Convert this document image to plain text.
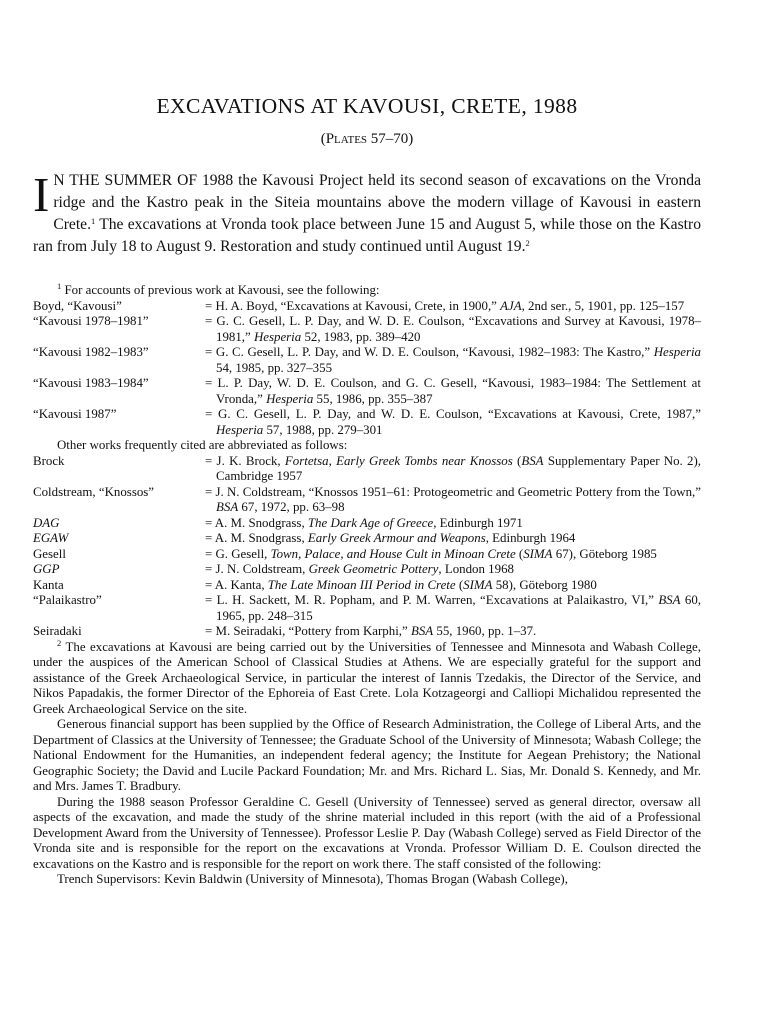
EXCAVATIONS AT KAVOUSI, CRETE, 1988
(Plates 57–70)
I N THE SUMMER OF 1988 the Kavousi Project held its second season of excavations on the Vronda ridge and the Kastro peak in the Siteia mountains above the modern village of Kavousi in eastern Crete.$^1$ The excavations at Vronda took place between June 15 and August 5, while those on the Kastro ran from July 18 to August 9. Restoration and study continued until August 19.$^2$

$^1$ For accounts of previous work at Kavousi, see the following:

Boyd, “Kavousi”	= H. A. Boyd, “Excavations at Kavousi, Crete, in 1900,” AJA, 2nd ser., 5, 1901, pp. 125–157
“Kavousi 1978–1981”	= G. C. Gesell, L. P. Day, and W. D. E. Coulson, “Excavations and Survey at Kavousi, 1978–1981,” Hesperia 52, 1983, pp. 389–420
“Kavousi 1982–1983”	= G. C. Gesell, L. P. Day, and W. D. E. Coulson, “Kavousi, 1982–1983: The Kastro,” Hesperia 54, 1985, pp. 327–355
“Kavousi 1983–1984”	= L. P. Day, W. D. E. Coulson, and G. C. Gesell, “Kavousi, 1983–1984: The Settlement at Vronda,” Hesperia 55, 1986, pp. 355–387
“Kavousi 1987”	= G. C. Gesell, L. P. Day, and W. D. E. Coulson, “Excavations at Kavousi, Crete, 1987,” Hesperia 57, 1988, pp. 279–301

Other works frequently cited are abbreviated as follows:

Brock	= J. K. Brock, Fortetsa, Early Greek Tombs near Knossos (BSA Supplementary Paper No. 2), Cambridge 1957
Coldstream, “Knossos”	= J. N. Coldstream, “Knossos 1951–61: Protogeometric and Geometric Pottery from the Town,” BSA 67, 1972, pp. 63–98
DAG	= A. M. Snodgrass, The Dark Age of Greece, Edinburgh 1971
EGAW	= A. M. Snodgrass, Early Greek Armour and Weapons, Edinburgh 1964
Gesell	= G. Gesell, Town, Palace, and House Cult in Minoan Crete (SIMA 67), Göteborg 1985
GGP	= J. N. Coldstream, Greek Geometric Pottery, London 1968
Kanta	= A. Kanta, The Late Minoan III Period in Crete (SIMA 58), Göteborg 1980
“Palaikastro”	= L. H. Sackett, M. R. Popham, and P. M. Warren, “Excavations at Palaikastro, VI,” BSA 60, 1965, pp. 248–315
Seiradaki	= M. Seiradaki, “Pottery from Karphi,” BSA 55, 1960, pp. 1–37.

$^2$ The excavations at Kavousi are being carried out by the Universities of Tennessee and Minnesota and Wabash College, under the auspices of the American School of Classical Studies at Athens. We are especially grateful for the support and assistance of the Greek Archaeological Service, in particular the interest of Iannis Tzedakis, the Director of the Service, and Nikos Papadakis, the former Director of the Ephoreia of East Crete. Lola Kotzageorgi and Calliopi Michalidou represented the Greek Archaeological Service on the site.

Generous financial support has been supplied by the Office of Research Administration, the College of Liberal Arts, and the Department of Classics at the University of Tennessee; the Graduate School of the University of Minnesota; Wabash College; the National Endowment for the Humanities, an independent federal agency; the Institute for Aegean Prehistory; the National Geographic Society; the David and Lucile Packard Foundation; Mr. and Mrs. Richard L. Sias, Mr. Donald S. Kennedy, and Mr. and Mrs. James T. Bradbury.

During the 1988 season Professor Geraldine C. Gesell (University of Tennessee) served as general director, oversaw all aspects of the excavation, and made the study of the shrine material included in this report (with the aid of a Professional Development Award from the University of Tennessee). Professor Leslie P. Day (Wabash College) served as Field Director of the Vronda site and is responsible for the report on the excavations at Vronda. Professor William D. E. Coulson directed the excavations on the Kastro and is responsible for the report on work there. The staff consisted of the following:

Trench Supervisors: Kevin Baldwin (University of Minnesota), Thomas Brogan (Wabash College),
